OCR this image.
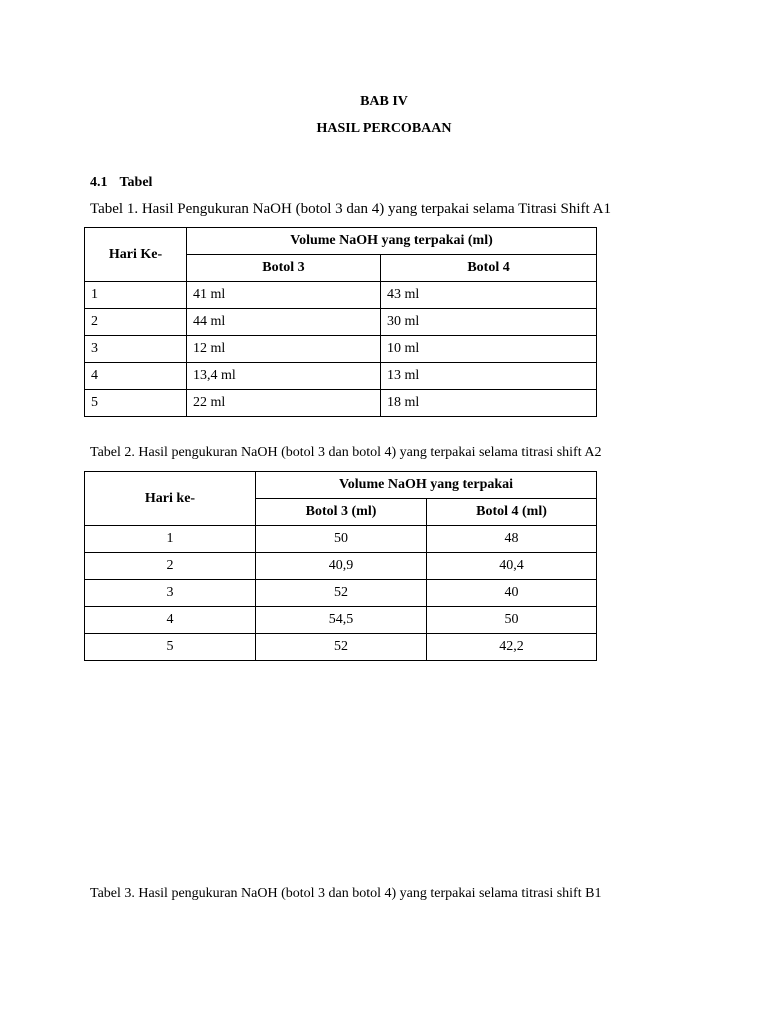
BAB IV
HASIL PERCOBAAN
4.1 Tabel
Tabel 1. Hasil Pengukuran NaOH (botol 3 dan 4) yang terpakai selama Titrasi Shift A1
Hari Ke-	Volume NaOH yang terpakai (ml)	
	Botol 3	Botol 4
1	41 ml	43 ml
2	44 ml	30 ml
3	12 ml	10 ml
4	13,4 ml	13 ml
5	22 ml	18 ml
Tabel 2. Hasil pengukuran NaOH (botol 3 dan botol 4) yang terpakai selama titrasi shift A2
Hari ke-	Volume NaOH yang terpakai	
	Botol 3 (ml)	Botol 4 (ml)
1	50	48
2	40,9	40,4
3	52	40
4	54,5	50
5	52	42,2
Tabel 3. Hasil pengukuran NaOH (botol 3 dan botol 4) yang terpakai selama titrasi shift B1
